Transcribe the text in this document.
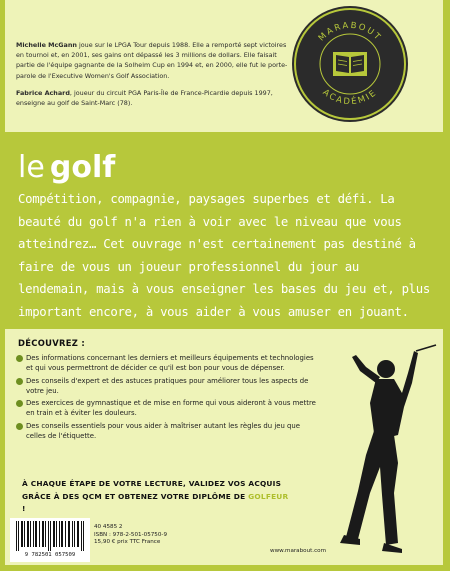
Michelle McGann joue sur le LPGA Tour depuis 1988. Elle a remporté sept victoires en tournoi et, en 2001, ses gains ont dépassé les 3 millions de dollars. Elle faisait partie de l'équipe gagnante de la Solheim Cup en 1994 et, en 2000, elle fut le porte-parole de l'Executive Women's Golf Association.

Fabrice Achard, joueur du circuit PGA Paris-Île de France-Picardie depuis 1997, enseigne au golf de Saint-Marc (78).

MARABOUT
ACADÉMIE
le golf
Compétition, compagnie, paysages superbes et défi. La beauté du golf n'a rien à voir avec le niveau que vous atteindrez… Cet ouvrage n'est certainement pas destiné à faire de vous un joueur professionnel du jour au lendemain, mais à vous enseigner les bases du jeu et, plus important encore, à vous aider à vous amuser en jouant.
DÉCOUVREZ :
Des informations concernant les derniers et meilleurs équipements et technologies et qui vous permettront de décider ce qu'il est bon pour vous de dépenser.
Des conseils d'expert et des astuces pratiques pour améliorer tous les aspects de votre jeu.
Des exercices de gymnastique et de mise en forme qui vous aideront à vous mettre en train et à éviter les douleurs.
Des conseils essentiels pour vous aider à maîtriser autant les règles du jeu que celles de l'étiquette.
À CHAQUE ÉTAPE DE VOTRE LECTURE, VALIDEZ VOS ACQUIS GRÂCE À DES QCM ET OBTENEZ VOTRE DIPLÔME DE GOLFEUR !
9 782501 057509
40 4585 2
ISBN : 978-2-501-05750-9
15,90 € prix TTC France
www.marabout.com
